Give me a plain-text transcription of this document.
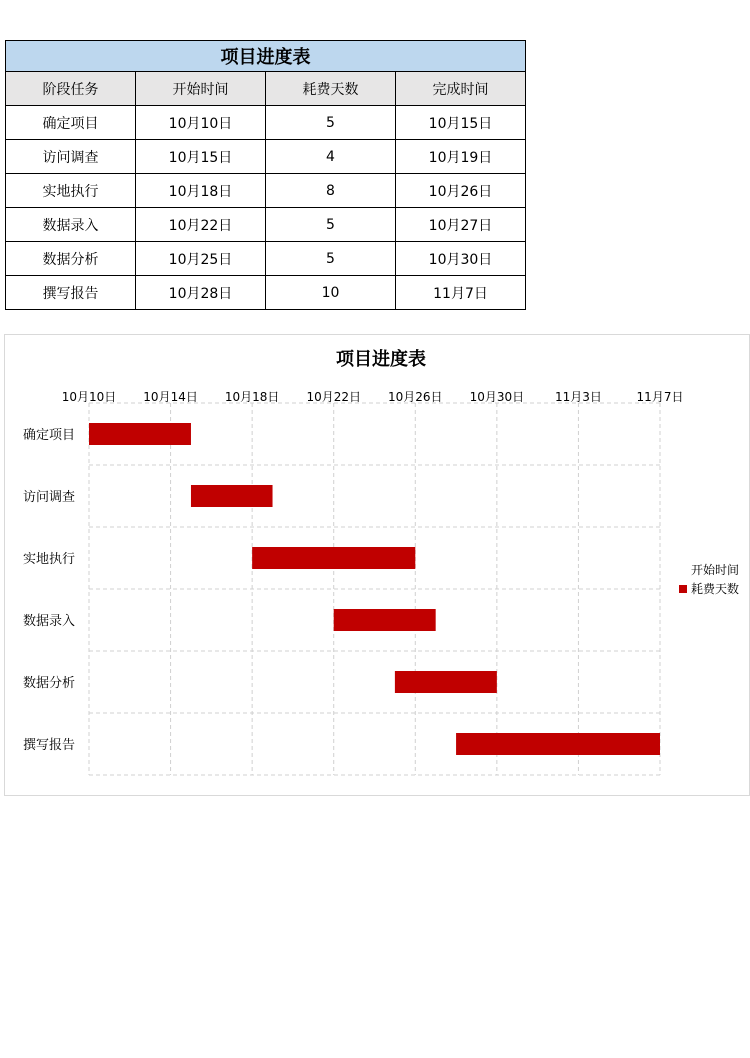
项目进度表			
阶段任务	开始时间	耗费天数	完成时间
确定项目	10月10日	5	10月15日
访问调查	10月15日	4	10月19日
实地执行	10月18日	8	10月26日
数据录入	10月22日	5	10月27日
数据分析	10月25日	5	10月30日
撰写报告	10月28日	10	11月7日
项目进度表
10月10日 10月14日 10月18日 10月22日 10月26日 10月30日	11月3日	11月7日
确定项目
访问调查
实地执行
数据录入
数据分析
撰写报告
开始时间
耗费天数
